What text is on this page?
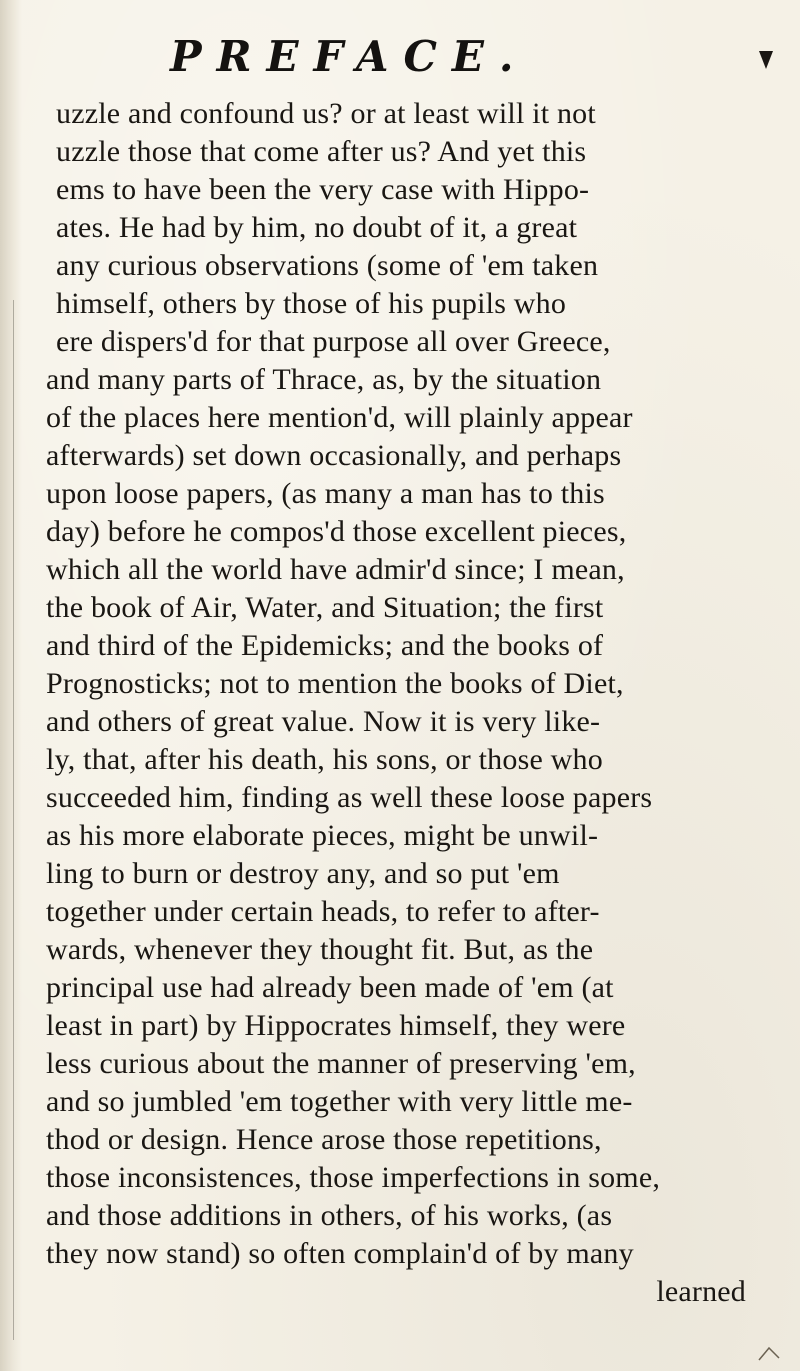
PREFACE.
uzzle and confound us? or at least will it not
uzzle those that come after us? And yet this
ems to have been the very case with Hippo-
ates. He had by him, no doubt of it, a great
any curious observations (some of 'em taken
himself, others by those of his pupils who
ere dispers'd for that purpose all over Greece,
and many parts of Thrace, as, by the situation
of the places here mention'd, will plainly appear
afterwards) set down occasionally, and perhaps
upon loose papers, (as many a man has to this
day) before he compos'd those excellent pieces,
which all the world have admir'd since; I mean,
the book of Air, Water, and Situation; the first
and third of the Epidemicks; and the books of
Prognosticks; not to mention the books of Diet,
and others of great value. Now it is very like-
ly, that, after his death, his sons, or those who
succeeded him, finding as well these loose papers
as his more elaborate pieces, might be unwil-
ling to burn or destroy any, and so put 'em
together under certain heads, to refer to after-
wards, whenever they thought fit. But, as the
principal use had already been made of 'em (at
least in part) by Hippocrates himself, they were
less curious about the manner of preserving 'em,
and so jumbled 'em together with very little me-
thod or design. Hence arose those repetitions,
those inconsistences, those imperfections in some,
and those additions in others, of his works, (as
they now stand) so often complain'd of by many
learned
